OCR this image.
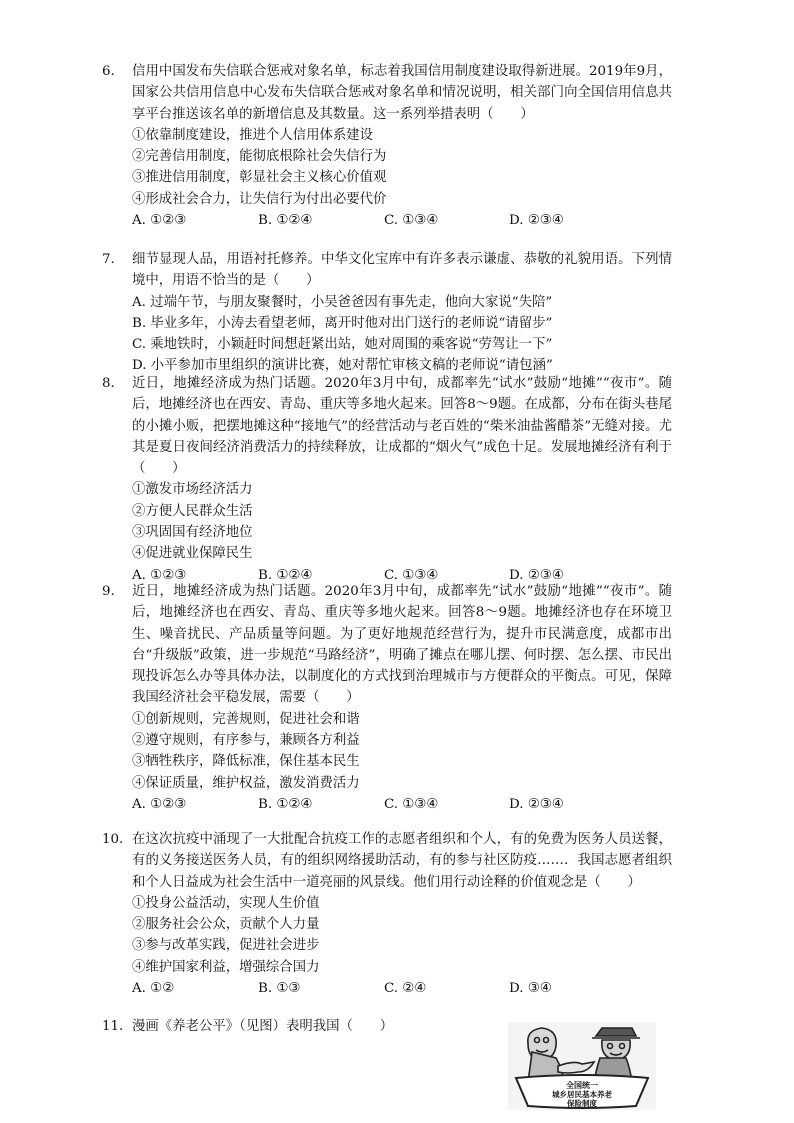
6. 信用中国发布失信联合惩戒对象名单，标志着我国信用制度建设取得新进展。2019年9月，国家公共信用信息中心发布失信联合惩戒对象名单和情况说明，相关部门向全国信用信息共享平台推送该名单的新增信息及其数量。这一系列举措表明（　　）
①依靠制度建设，推进个人信用体系建设
②完善信用制度，能彻底根除社会失信行为
③推进信用制度，彰显社会主义核心价值观
④形成社会合力，让失信行为付出必要代价
A. ①②③	B. ①②④	C. ①③④	D. ②③④
7. 细节显现人品，用语衬托修养。中华文化宝库中有许多表示谦虚、恭敬的礼貌用语。下列情境中，用语不恰当的是（　　）
A. 过端午节，与朋友聚餐时，小吴爸爸因有事先走，他向大家说“失陪”
B. 毕业多年，小涛去看望老师，离开时他对出门送行的老师说“请留步”
C. 乘地铁时，小颖赶时间想赶紧出站，她对周围的乘客说“劳驾让一下”
D. 小平参加市里组织的演讲比赛，她对帮忙审核文稿的老师说“请包涵”
8. 近日，地摊经济成为热门话题。2020年3月中旬，成都率先“试水”鼓励“地摊”“夜市”。随后，地摊经济也在西安、青岛、重庆等多地火起来。回答8～9题。在成都，分布在街头巷尾的小摊小贩，把摆地摊这种“接地气”的经营活动与老百姓的“柴米油盐酱醋茶”无缝对接。尤其是夏日夜间经济消费活力的持续释放，让成都的“烟火气”成色十足。发展地摊经济有利于（　　）
①激发市场经济活力
②方便人民群众生活
③巩固国有经济地位
④促进就业保障民生
A. ①②③	B. ①②④	C. ①③④	D. ②③④
9. 近日，地摊经济成为热门话题。2020年3月中旬，成都率先“试水”鼓励“地摊”“夜市”。随后，地摊经济也在西安、青岛、重庆等多地火起来。回答8～9题。地摊经济也存在环境卫生、噪音扰民、产品质量等问题。为了更好地规范经营行为，提升市民满意度，成都市出台“升级版”政策，进一步规范“马路经济”，明确了摊点在哪儿摆、何时摆、怎么摆、市民出现投诉怎么办等具体办法，以制度化的方式找到治理城市与方便群众的平衡点。可见，保障我国经济社会平稳发展，需要（　　）
①创新规则，完善规则，促进社会和谐
②遵守规则，有序参与，兼顾各方利益
③牺牲秩序，降低标准，保住基本民生
④保证质量，维护权益，激发消费活力
A. ①②③	B. ①②④	C. ①③④	D. ②③④
10. 在这次抗疫中涌现了一大批配合抗疫工作的志愿者组织和个人，有的免费为医务人员送餐，有的义务接送医务人员，有的组织网络援助活动，有的参与社区防疫……．我国志愿者组织和个人日益成为社会生活中一道亮丽的风景线。他们用行动诠释的价值观念是（　　）
①投身公益活动，实现人生价值
②服务社会公众，贡献个人力量
③参与改革实践，促进社会进步
④维护国家利益，增强综合国力
A. ①②	B. ①③	C. ②④	D. ③④
11. 漫画《养老公平》（见图）表明我国（　　）
全国统一
城乡居民基本养老
保险制度
